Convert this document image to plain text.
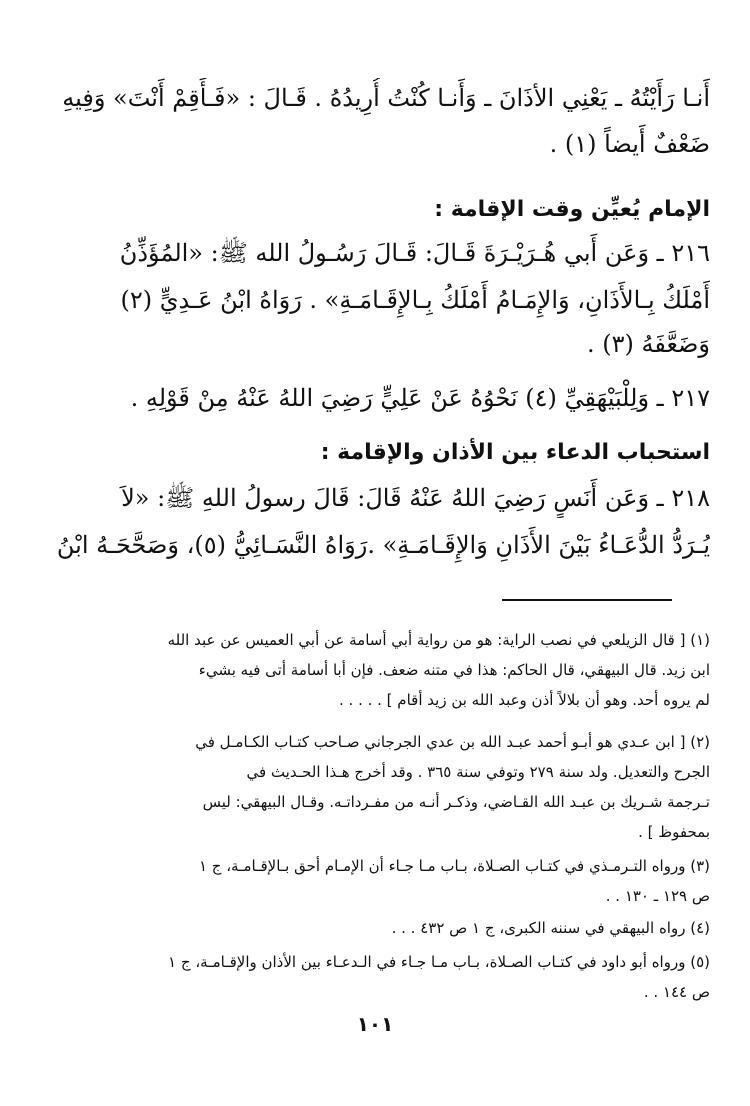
أَنـا رَأَيْتُهُ ـ يَعْنِي الأذَانَ ـ وَأَنـا كُنْتُ أُرِيدُهُ . قَـالَ : «فَـأَقِمْ أَنْتَ» وَفِيهِ
ضَعْفٌ أَيضاً (١) .
الإمام يُعيِّن وقت الإقامة :
٢١٦ ـ وَعَن أَبي هُـرَيْـرَةَ قَـالَ: قَـالَ رَسُـولُ الله ﷺ: «المُؤَذِّنُ
أَمْلَكُ بِـالأَذَانِ، وَالإِمَـامُ أَمْلَكُ بِـالإِقَـامَـةِ» . رَوَاهُ ابْنُ عَـدِيٍّ (٢)
وَضَعَّفَهُ (٣) .
٢١٧ ـ وَلِلْبَيْهَقِيِّ (٤) نَحْوُهُ عَنْ عَلِيٍّ رَضِيَ اللهُ عَنْهُ مِنْ قَوْلِهِ .
استحباب الدعاء بين الأذان والإقامة :
٢١٨ ـ وَعَن أَنَسٍ رَضِيَ اللهُ عَنْهُ قَالَ: قَالَ رسولُ اللهِ ﷺ: «لاَ
يُـرَدُّ الدُّعَـاءُ بَيْنَ الأَذَانِ وَالإِقَـامَـةِ» .رَوَاهُ النَّسَـائِيُّ (٥)، وَصَحَّحَـهُ ابْنُ
(١) [ قال الزيلعي في نصب الراية: هو من رواية أبي أسامة عن أبي العميس عن عبد الله
ابن زيد. قال البيهقي، قال الحاكم: هذا في متنه ضعف. فإن أبا أسامة أتى فيه بشيء
لم يروه أحد. وهو أن بلالاً أذن وعبد الله بن زيد أقام ] . . . . .
(٢) [ ابن عـدي هو أبـو أحمد عبـد الله بن عدي الجرجاني صـاحب كتـاب الكـامـل في
الجرح والتعديل. ولد سنة ٢٧٩ وتوفي سنة ٣٦٥ . وقد أخرج هـذا الحـديث في
تـرجمة شـريك بن عبـد الله القـاضي، وذكـر أنـه من مفـرداتـه. وقـال البيهقي: ليس
بمحفوظ ] .
(٣) ورواه التـرمـذي في كتـاب الصـلاة، بـاب مـا جـاء أن الإمـام أحق بـالإقـامـة، ج ١
ص ١٢٩ ـ ١٣٠ . .
(٤) رواه البيهقي في سننه الكبرى، ج ١ ص ٤٣٢ . . .
(٥) ورواه أبو داود في كتـاب الصـلاة، بـاب مـا جـاء في الـدعـاء بين الأذان والإقـامـة، ج ١
ص ١٤٤ . .
١٠١
